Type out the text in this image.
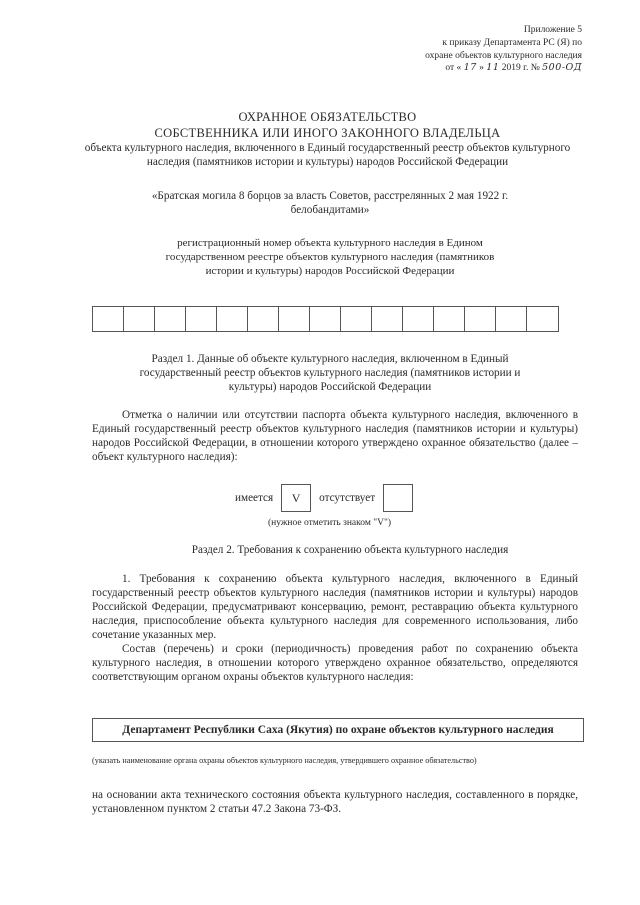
Приложение 5
к приказу Департамента РС (Я) по
охране объектов культурного наследия
от « 17 » 11 2019 г. № 500-ОД
ОХРАННОЕ ОБЯЗАТЕЛЬСТВО
СОБСТВЕННИКА ИЛИ ИНОГО ЗАКОННОГО ВЛАДЕЛЬЦА
объекта культурного наследия, включенного в Единый государственный реестр объектов культурного наследия (памятников истории и культуры) народов Российской Федерации
«Братская могила 8 борцов за власть Советов, расстрелянных 2 мая 1922 г. белобандитами»
регистрационный номер объекта культурного наследия в Едином государственном реестре объектов культурного наследия (памятников истории и культуры) народов Российской Федерации
Раздел 1. Данные об объекте культурного наследия, включенном в Единый государственный реестр объектов культурного наследия (памятников истории и культуры) народов Российской Федерации
Отметка о наличии или отсутствии паспорта объекта культурного наследия, включенного в Единый государственный реестр объектов культурного наследия (памятников истории и культуры) народов Российской Федерации, в отношении которого утверждено охранное обязательство (далее – объект культурного наследия):
имеется V отсутствует
(нужное отметить знаком "V")
Раздел 2. Требования к сохранению объекта культурного наследия

1. Требования к сохранению объекта культурного наследия, включенного в Единый государственный реестр объектов культурного наследия (памятников истории и культуры) народов Российской Федерации, предусматривают консервацию, ремонт, реставрацию объекта культурного наследия, приспособление объекта культурного наследия для современного использования, либо сочетание указанных мер.

Состав (перечень) и сроки (периодичность) проведения работ по сохранению объекта культурного наследия, в отношении которого утверждено охранное обязательство, определяются соответствующим органом охраны объектов культурного наследия:

Департамент Республики Саха (Якутия) по охране объектов культурного наследия
(указать наименование органа охраны объектов культурного наследия, утвердившего охранное обязательство)
на основании акта технического состояния объекта культурного наследия, составленного в порядке, установленном пунктом 2 статьи 47.2 Закона 73-ФЗ.
